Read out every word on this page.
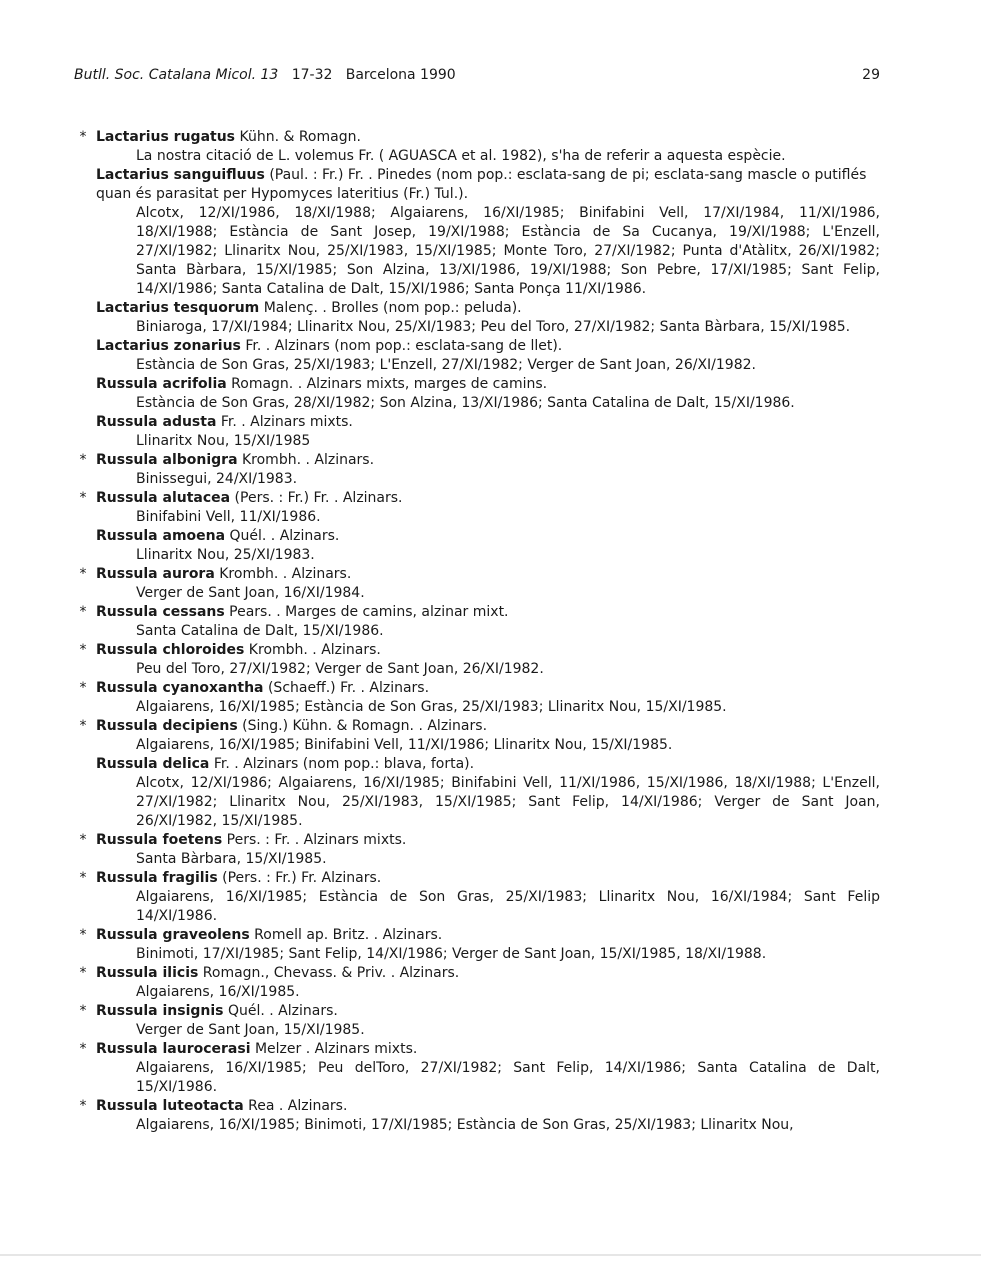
Butll. Soc. Catalana Micol. 13 17-32 Barcelona 1990	29
* Lactarius rugatus Kühn. & Romagn.
La nostra citació de L. volemus Fr. ( AGUASCA et al. 1982), s'ha de referir a aquesta espècie.
Lactarius sanguifluus (Paul. : Fr.) Fr. . Pinedes (nom pop.: esclata-sang de pi; esclata-sang mascle o putiflés quan és parasitat per Hypomyces lateritius (Fr.) Tul.).
Alcotx, 12/XI/1986, 18/XI/1988; Algaiarens, 16/XI/1985; Binifabini Vell, 17/XI/1984, 11/XI/1986, 18/XI/1988; Estància de Sant Josep, 19/XI/1988; Estància de Sa Cucanya, 19/XI/1988; L'Enzell, 27/XI/1982; Llinaritx Nou, 25/XI/1983, 15/XI/1985; Monte Toro, 27/XI/1982; Punta d'Atàlitx, 26/XI/1982; Santa Bàrbara, 15/XI/1985; Son Alzina, 13/XI/1986, 19/XI/1988; Son Pebre, 17/XI/1985; Sant Felip, 14/XI/1986; Santa Catalina de Dalt, 15/XI/1986; Santa Ponça 11/XI/1986.
Lactarius tesquorum Malenç. . Brolles (nom pop.: peluda).
Biniaroga, 17/XI/1984; Llinaritx Nou, 25/XI/1983; Peu del Toro, 27/XI/1982; Santa Bàrbara, 15/XI/1985.
Lactarius zonarius Fr. . Alzinars (nom pop.: esclata-sang de llet).
Estància de Son Gras, 25/XI/1983; L'Enzell, 27/XI/1982; Verger de Sant Joan, 26/XI/1982.
Russula acrifolia Romagn. . Alzinars mixts, marges de camins.
Estància de Son Gras, 28/XI/1982; Son Alzina, 13/XI/1986; Santa Catalina de Dalt, 15/XI/1986.
Russula adusta Fr. . Alzinars mixts.
Llinaritx Nou, 15/XI/1985
* Russula albonigra Krombh. . Alzinars.
Binissegui, 24/XI/1983.
* Russula alutacea (Pers. : Fr.) Fr. . Alzinars.
Binifabini Vell, 11/XI/1986.
Russula amoena Quél. . Alzinars.
Llinaritx Nou, 25/XI/1983.
* Russula aurora Krombh. . Alzinars.
Verger de Sant Joan, 16/XI/1984.
* Russula cessans Pears. . Marges de camins, alzinar mixt.
Santa Catalina de Dalt, 15/XI/1986.
* Russula chloroides Krombh. . Alzinars.
Peu del Toro, 27/XI/1982; Verger de Sant Joan, 26/XI/1982.
* Russula cyanoxantha (Schaeff.) Fr. . Alzinars.
Algaiarens, 16/XI/1985; Estància de Son Gras, 25/XI/1983; Llinaritx Nou, 15/XI/1985.
* Russula decipiens (Sing.) Kühn. & Romagn. . Alzinars.
Algaiarens, 16/XI/1985; Binifabini Vell, 11/XI/1986; Llinaritx Nou, 15/XI/1985.
Russula delica Fr. . Alzinars (nom pop.: blava, forta).
Alcotx, 12/XI/1986; Algaiarens, 16/XI/1985; Binifabini Vell, 11/XI/1986, 15/XI/1986, 18/XI/1988; L'Enzell, 27/XI/1982; Llinaritx Nou, 25/XI/1983, 15/XI/1985; Sant Felip, 14/XI/1986; Verger de Sant Joan, 26/XI/1982, 15/XI/1985.
* Russula foetens Pers. : Fr. . Alzinars mixts.
Santa Bàrbara, 15/XI/1985.
* Russula fragilis (Pers. : Fr.) Fr. Alzinars.
Algaiarens, 16/XI/1985; Estància de Son Gras, 25/XI/1983; Llinaritx Nou, 16/XI/1984; Sant Felip 14/XI/1986.
* Russula graveolens Romell ap. Britz. . Alzinars.
Binimoti, 17/XI/1985; Sant Felip, 14/XI/1986; Verger de Sant Joan, 15/XI/1985, 18/XI/1988.
* Russula ilicis Romagn., Chevass. & Priv. . Alzinars.
Algaiarens, 16/XI/1985.
* Russula insignis Quél. . Alzinars.
Verger de Sant Joan, 15/XI/1985.
* Russula laurocerasi Melzer . Alzinars mixts.
Algaiarens, 16/XI/1985; Peu delToro, 27/XI/1982; Sant Felip, 14/XI/1986; Santa Catalina de Dalt, 15/XI/1986.
* Russula luteotacta Rea . Alzinars.
Algaiarens, 16/XI/1985; Binimoti, 17/XI/1985; Estància de Son Gras, 25/XI/1983; Llinaritx Nou,
